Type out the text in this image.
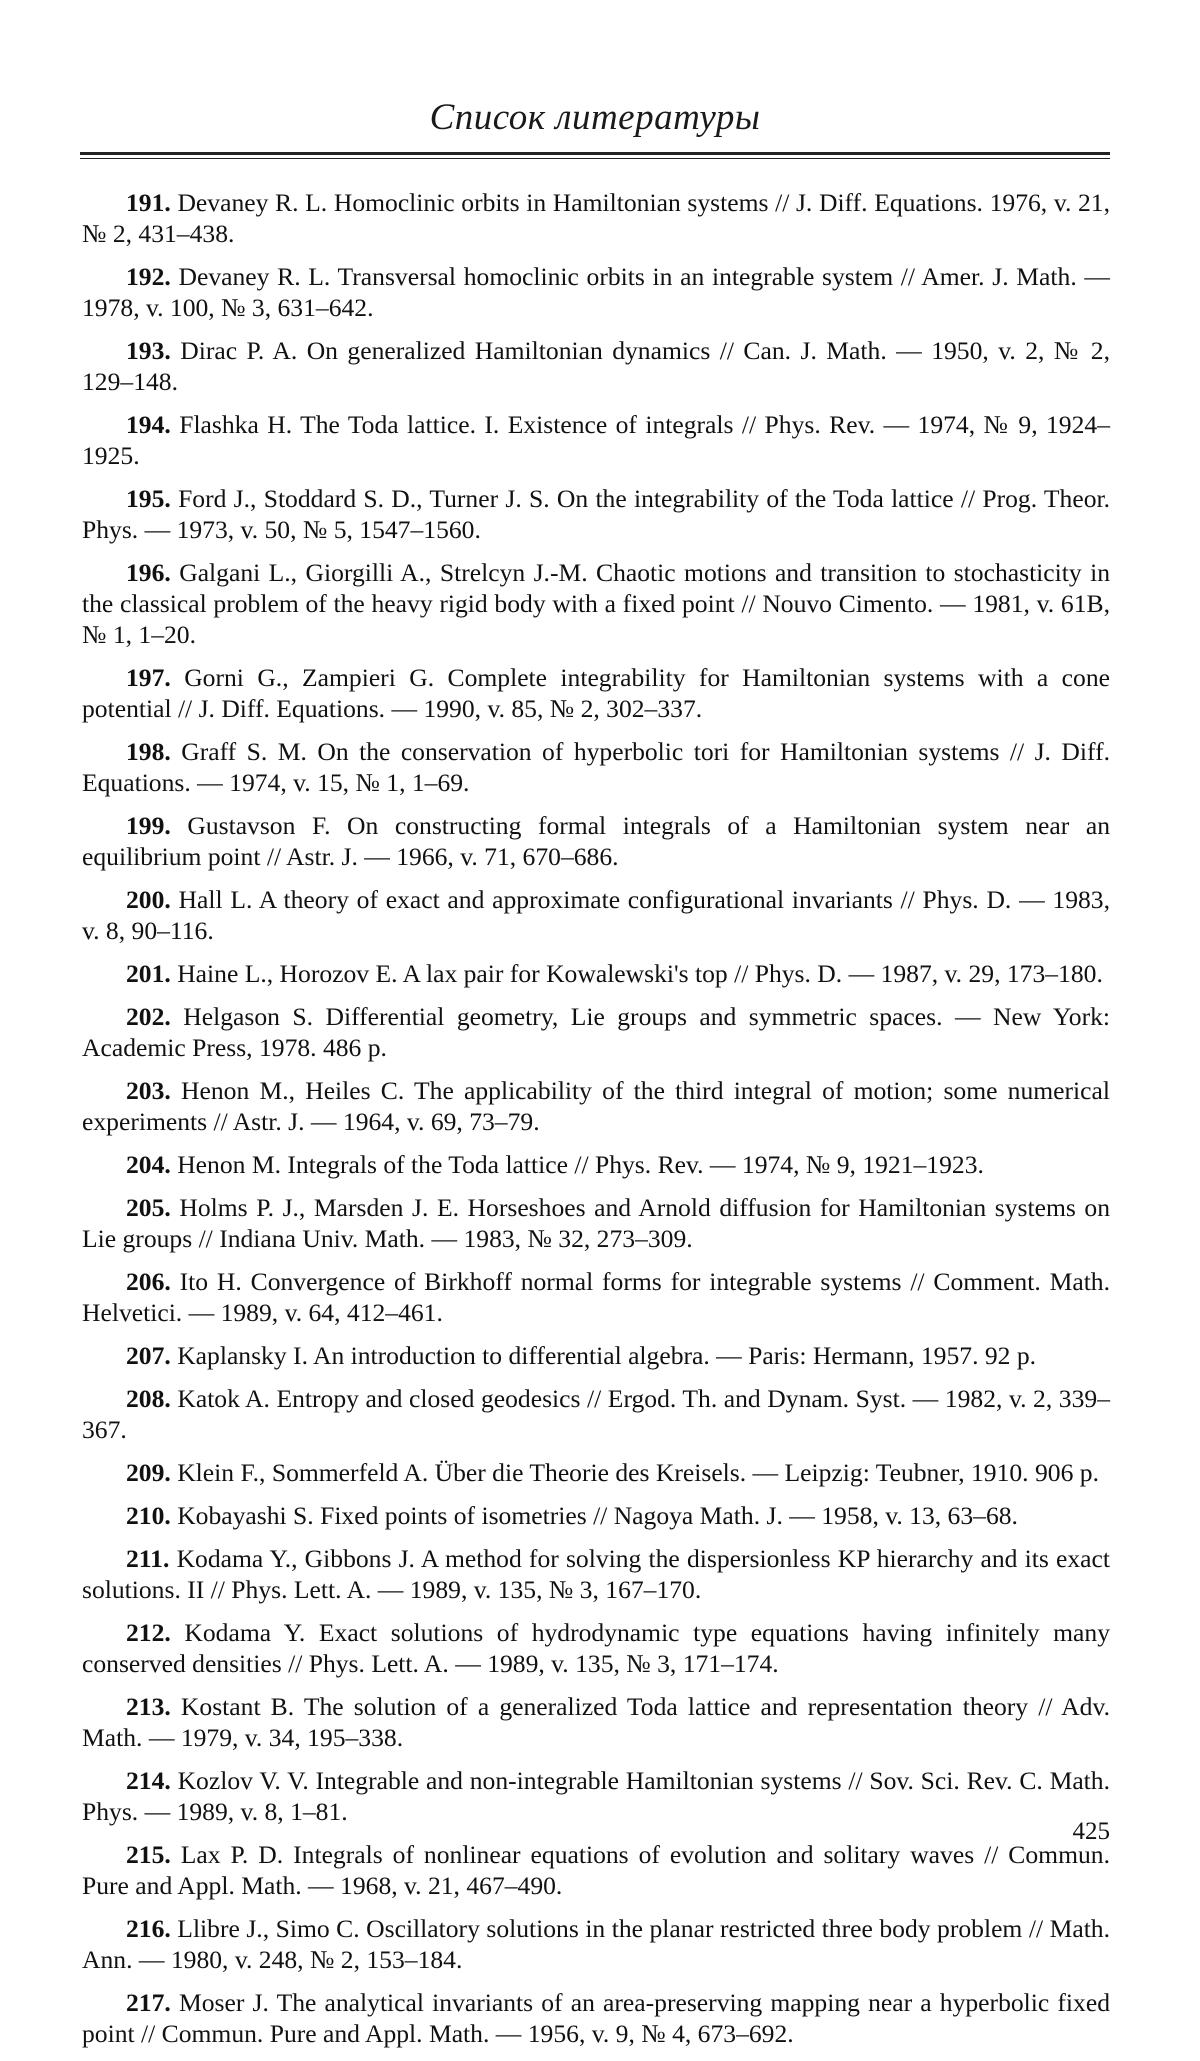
Список литературы

191. Devaney R. L. Homoclinic orbits in Hamiltonian systems // J. Diff. Equations. 1976, v. 21, № 2, 431–438.

192. Devaney R. L. Transversal homoclinic orbits in an integrable system // Amer. J. Math. — 1978, v. 100, № 3, 631–642.

193. Dirac P. A. On generalized Hamiltonian dynamics // Can. J. Math. — 1950, v. 2, № 2, 129–148.

194. Flashka H. The Toda lattice. I. Existence of integrals // Phys. Rev. — 1974, № 9, 1924–1925.

195. Ford J., Stoddard S. D., Turner J. S. On the integrability of the Toda lattice // Prog. Theor. Phys. — 1973, v. 50, № 5, 1547–1560.

196. Galgani L., Giorgilli A., Strelcyn J.-M. Chaotic motions and transition to stochasticity in the classical problem of the heavy rigid body with a fixed point // Nouvo Cimento. — 1981, v. 61B, № 1, 1–20.

197. Gorni G., Zampieri G. Complete integrability for Hamiltonian systems with a cone potential // J. Diff. Equations. — 1990, v. 85, № 2, 302–337.

198. Graff S. M. On the conservation of hyperbolic tori for Hamiltonian systems // J. Diff. Equations. — 1974, v. 15, № 1, 1–69.

199. Gustavson F. On constructing formal integrals of a Hamiltonian system near an equilibrium point // Astr. J. — 1966, v. 71, 670–686.

200. Hall L. A theory of exact and approximate configurational invariants // Phys. D. — 1983, v. 8, 90–116.

201. Haine L., Horozov E. A lax pair for Kowalewski's top // Phys. D. — 1987, v. 29, 173–180.

202. Helgason S. Differential geometry, Lie groups and symmetric spaces. — New York: Academic Press, 1978. 486 p.

203. Henon M., Heiles C. The applicability of the third integral of motion; some numerical experiments // Astr. J. — 1964, v. 69, 73–79.

204. Henon M. Integrals of the Toda lattice // Phys. Rev. — 1974, № 9, 1921–1923.

205. Holms P. J., Marsden J. E. Horseshoes and Arnold diffusion for Hamiltonian systems on Lie groups // Indiana Univ. Math. — 1983, № 32, 273–309.

206. Ito H. Convergence of Birkhoff normal forms for integrable systems // Comment. Math. Helvetici. — 1989, v. 64, 412–461.

207. Kaplansky I. An introduction to differential algebra. — Paris: Hermann, 1957. 92 p.

208. Katok A. Entropy and closed geodesics // Ergod. Th. and Dynam. Syst. — 1982, v. 2, 339–367.

209. Klein F., Sommerfeld A. Über die Theorie des Kreisels. — Leipzig: Teubner, 1910. 906 p.

210. Kobayashi S. Fixed points of isometries // Nagoya Math. J. — 1958, v. 13, 63–68.

211. Kodama Y., Gibbons J. A method for solving the dispersionless KP hierarchy and its exact solutions. II // Phys. Lett. A. — 1989, v. 135, № 3, 167–170.

212. Kodama Y. Exact solutions of hydrodynamic type equations having infinitely many conserved densities // Phys. Lett. A. — 1989, v. 135, № 3, 171–174.

213. Kostant B. The solution of a generalized Toda lattice and representation theory // Adv. Math. — 1979, v. 34, 195–338.

214. Kozlov V. V. Integrable and non-integrable Hamiltonian systems // Sov. Sci. Rev. C. Math. Phys. — 1989, v. 8, 1–81.

215. Lax P. D. Integrals of nonlinear equations of evolution and solitary waves // Commun. Pure and Appl. Math. — 1968, v. 21, 467–490.

216. Llibre J., Simo C. Oscillatory solutions in the planar restricted three body problem // Math. Ann. — 1980, v. 248, № 2, 153–184.

217. Moser J. The analytical invariants of an area-preserving mapping near a hyperbolic fixed point // Commun. Pure and Appl. Math. — 1956, v. 9, № 4, 673–692.

425
